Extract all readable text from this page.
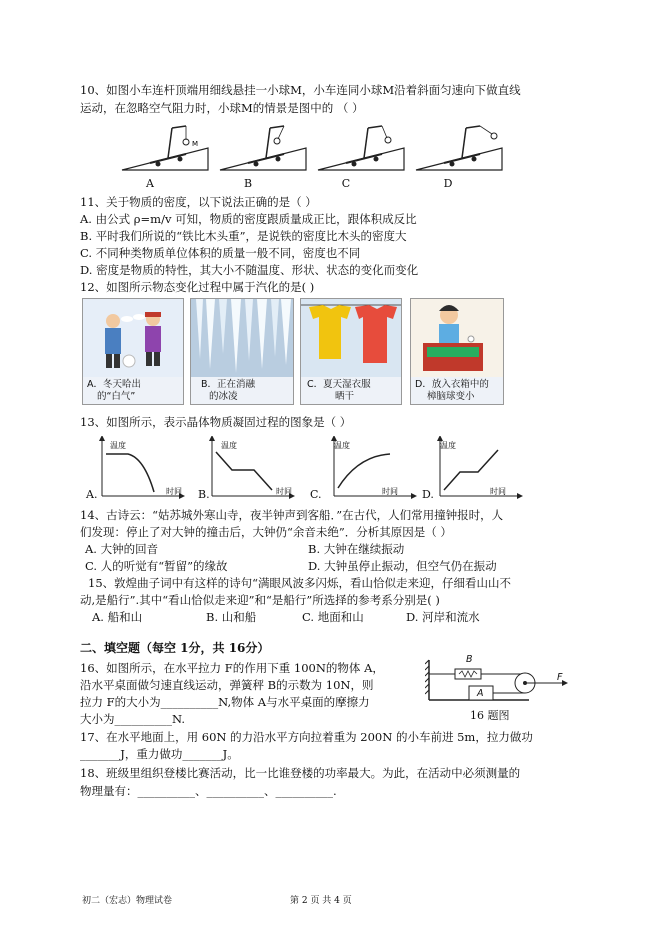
10、如图小车连杆顶端用细线悬挂一小球M，小车连同小球M沿着斜面匀速向下做直线
运动，在忽略空气阻力时，小球M的情景是图中的 （ ）
M
A	B	C	D
11、关于物质的密度，以下说法正确的是（ ）
A. 由公式 ρ=m/v 可知，物质的密度跟质量成正比，跟体积成反比
B. 平时我们所说的“铁比木头重”，是说铁的密度比木头的密度大
C. 不同种类物质单位体积的质量一般不同，密度也不同
D. 密度是物质的特性，其大小不随温度、形状、状态的变化而变化
12、如图所示物态变化过程中属于汽化的是( )
A．冬天哈出
的“白气”
B．正在消融
的冰凌
C．夏天湿衣服
晒干
D．放入衣箱中的
樟脑球变小
13、如图所示，表示晶体物质凝固过程的图象是（ ）
温度	温度	温度	温度
时间	时间	时间	时间
A.	B.	C.	D.
14、古诗云：“姑苏城外寒山寺，夜半钟声到客船．”在古代，人们常用撞钟报时，人
们发现：停止了对大钟的撞击后，大钟仍“余音未绝”．分析其原因是（ ）
A. 大钟的回音	B. 大钟在继续振动
C. 人的听觉有“暂留”的缘故	D. 大钟虽停止振动，但空气仍在振动
15、敦煌曲子词中有这样的诗句“满眼风波多闪烁，看山恰似走来迎，仔细看山山不
动,是船行”.其中“看山恰似走来迎”和“是船行”所选择的参考系分别是( )
A. 船和山	B. 山和船	C. 地面和山	D. 河岸和流水
二、填空题（每空 1分，共 16分）
16、如图所示，在水平拉力 F的作用下重 100N的物体 A，
沿水平桌面做匀速直线运动，弹簧秤 B的示数为 10N，则
拉力 F的大小为__________N,物体 A与水平桌面的摩擦力
大小为__________N.
B
A
F
16 题图
17、在水平地面上，用 60N 的力沿水平方向拉着重为 200N 的小车前进 5m，拉力做功
_______J，重力做功_______J。
18、班级里组织登楼比赛活动，比一比谁登楼的功率最大。为此，在活动中必须测量的
物理量有：__________、__________、__________.
初二（宏志）物理试卷	第 2 页 共 4 页
